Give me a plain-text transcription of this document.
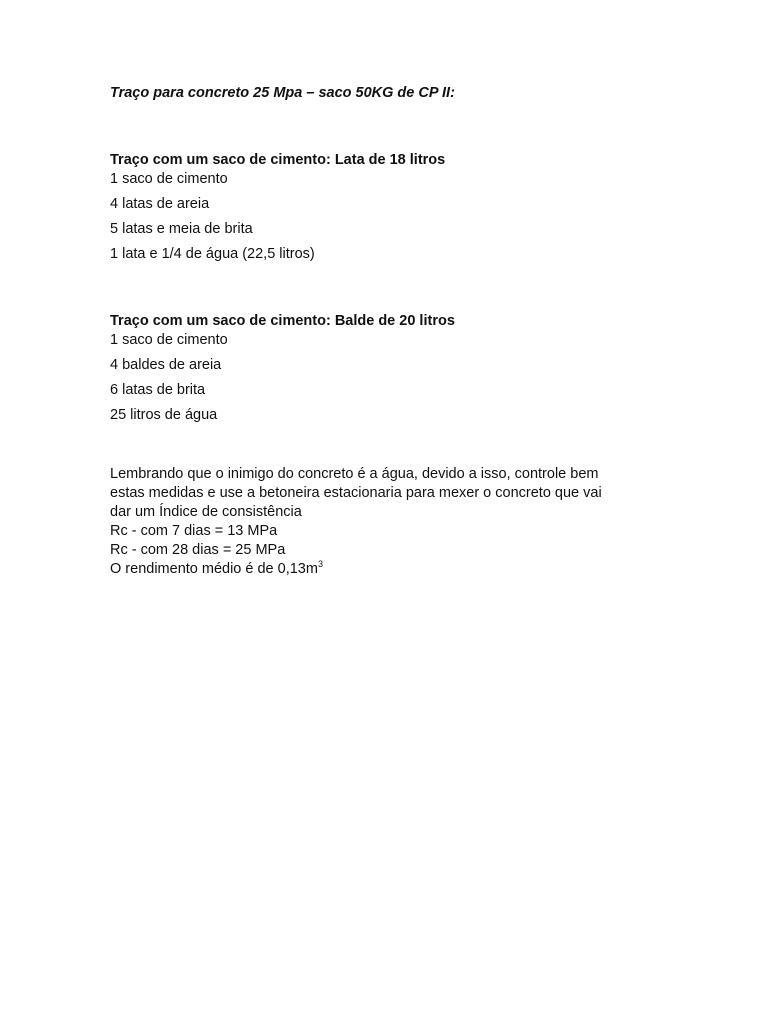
Traço para concreto 25 Mpa – saco 50KG de CP II:

Traço com um saco de cimento: Lata de 18 litros

1 saco de cimento

4 latas de areia

5 latas e meia de brita

1 lata e 1/4 de água (22,5 litros)

Traço com um saco de cimento: Balde de 20 litros

1 saco de cimento

4 baldes de areia

6 latas de brita

25 litros de água

Lembrando que o inimigo do concreto é a água, devido a isso, controle bem

estas medidas e use a betoneira estacionaria para mexer o concreto que vai

dar um Índice de consistência

Rc - com 7 dias = 13 MPa

Rc - com 28 dias = 25 MPa

O rendimento médio é de $0,13m^3$
